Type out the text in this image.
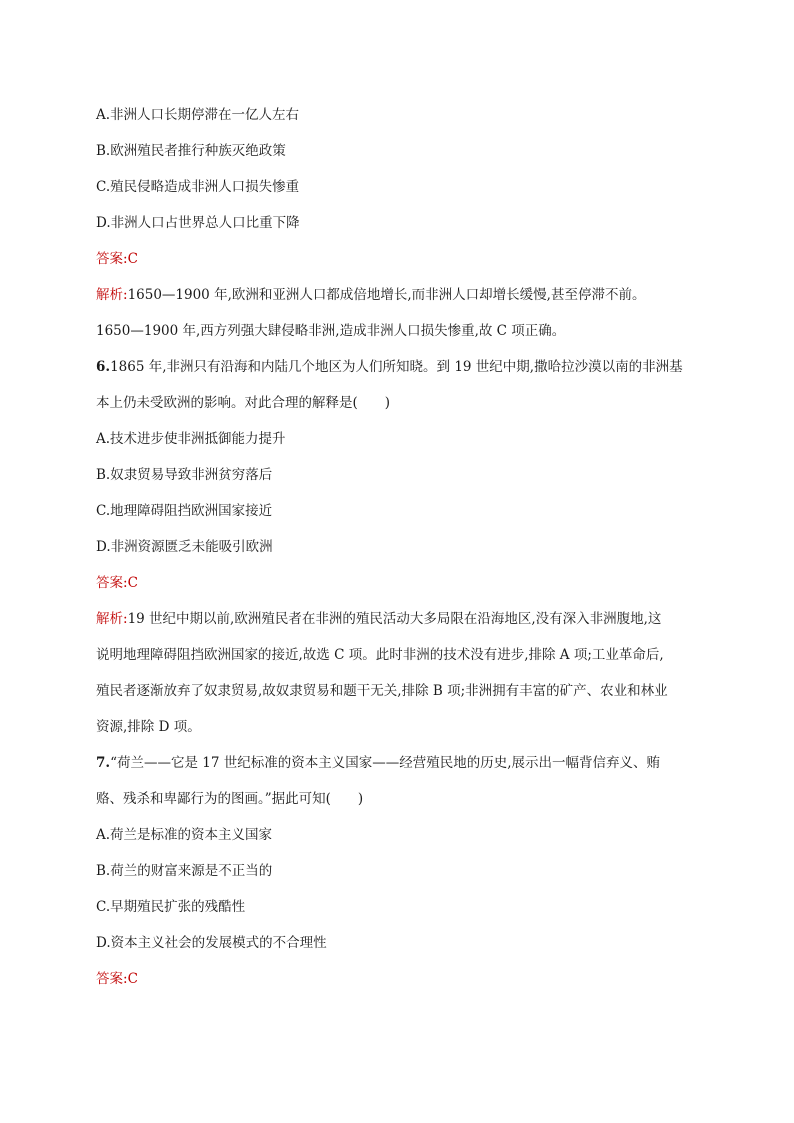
A.非洲人口长期停滞在一亿人左右
B.欧洲殖民者推行种族灭绝政策
C.殖民侵略造成非洲人口损失惨重
D.非洲人口占世界总人口比重下降
答案:C
解析:1650—1900 年,欧洲和亚洲人口都成倍地增长,而非洲人口却增长缓慢,甚至停滞不前。
1650—1900 年,西方列强大肆侵略非洲,造成非洲人口损失惨重,故 C 项正确。
6.1865 年,非洲只有沿海和内陆几个地区为人们所知晓。到 19 世纪中期,撒哈拉沙漠以南的非洲基
本上仍未受欧洲的影响。对此合理的解释是(　　)
A.技术进步使非洲抵御能力提升
B.奴隶贸易导致非洲贫穷落后
C.地理障碍阻挡欧洲国家接近
D.非洲资源匮乏未能吸引欧洲
答案:C
解析:19 世纪中期以前,欧洲殖民者在非洲的殖民活动大多局限在沿海地区,没有深入非洲腹地,这
说明地理障碍阻挡欧洲国家的接近,故选 C 项。此时非洲的技术没有进步,排除 A 项;工业革命后,
殖民者逐渐放弃了奴隶贸易,故奴隶贸易和题干无关,排除 B 项;非洲拥有丰富的矿产、农业和林业
资源,排除 D 项。
7.“荷兰——它是 17 世纪标准的资本主义国家——经营殖民地的历史,展示出一幅背信弃义、贿
赂、残杀和卑鄙行为的图画。”据此可知(　　)
A.荷兰是标准的资本主义国家
B.荷兰的财富来源是不正当的
C.早期殖民扩张的残酷性
D.资本主义社会的发展模式的不合理性
答案:C
